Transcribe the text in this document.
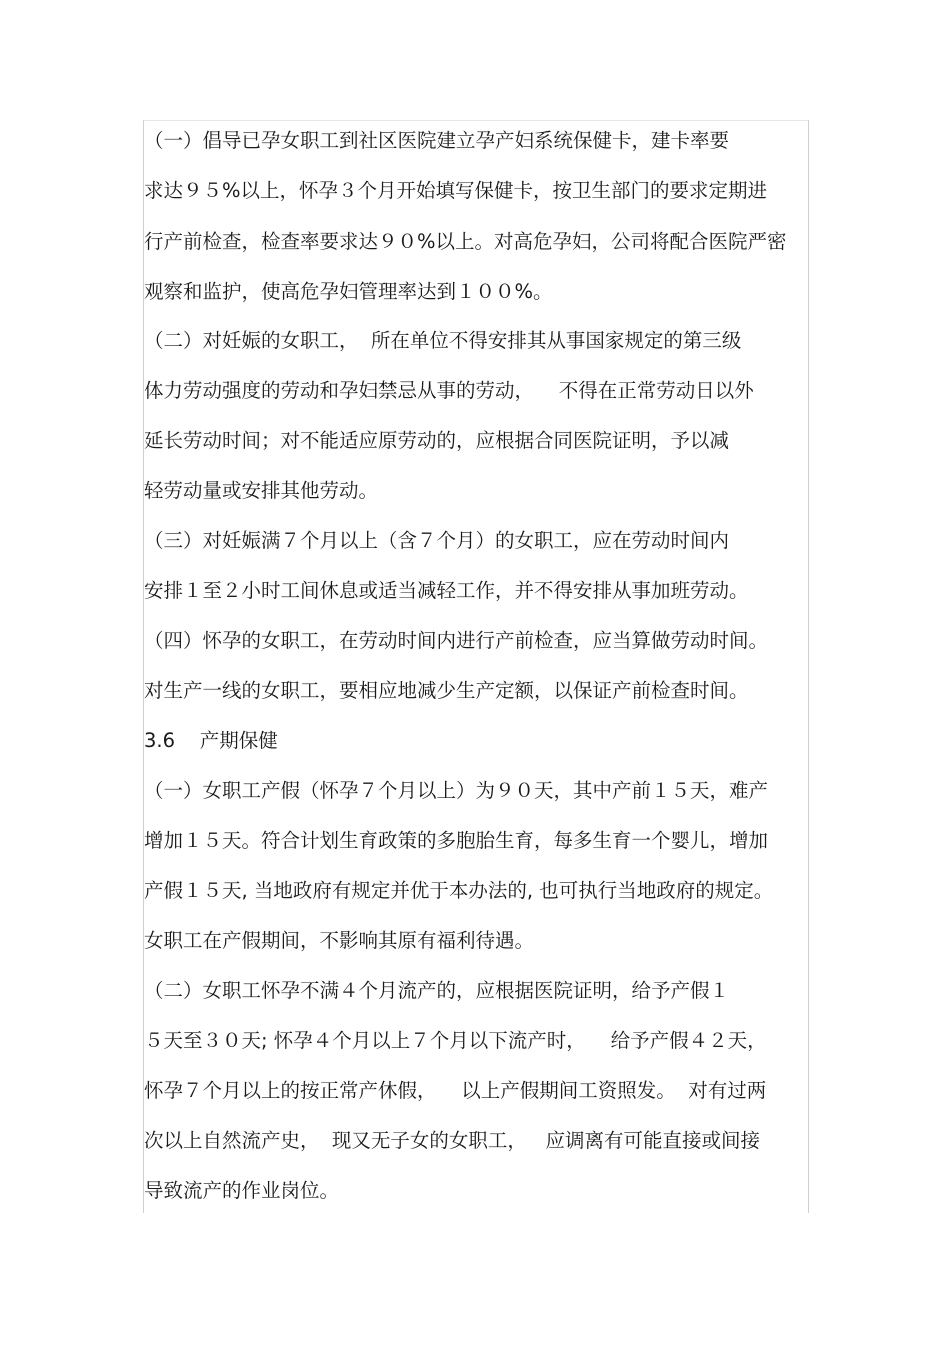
（一）倡导已孕女职工到社区医院建立孕产妇系统保健卡，建卡率要
求达９５%以上，怀孕３个月开始填写保健卡，按卫生部门的要求定期进
行产前检查，检查率要求达９０%以上。对高危孕妇，公司将配合医院严密
观察和监护，使高危孕妇管理率达到１００%。
（二）对妊娠的女职工，  所在单位不得安排其从事国家规定的第三级
体力劳动强度的劳动和孕妇禁忌从事的劳动，    不得在正常劳动日以外
延长劳动时间；对不能适应原劳动的，应根据合同医院证明，予以减
轻劳动量或安排其他劳动。
（三）对妊娠满７个月以上（含７个月）的女职工，应在劳动时间内
安排１至２小时工间休息或适当减轻工作，并不得安排从事加班劳动。
（四）怀孕的女职工，在劳动时间内进行产前检查，应当算做劳动时间。
对生产一线的女职工，要相应地减少生产定额，以保证产前检查时间。
3.6    产期保健
（一）女职工产假（怀孕７个月以上）为９０天，其中产前１５天，难产
增加１５天。符合计划生育政策的多胞胎生育，每多生育一个婴儿，增加
产假１５天, 当地政府有规定并优于本办法的, 也可执行当地政府的规定。
女职工在产假期间，不影响其原有福利待遇。
（二）女职工怀孕不满４个月流产的，应根据医院证明，给予产假１
５天至３０天; 怀孕４个月以上７个月以下流产时，    给予产假４２天，
怀孕７个月以上的按正常产休假，    以上产假期间工资照发。  对有过两
次以上自然流产史，  现又无子女的女职工，   应调离有可能直接或间接
导致流产的作业岗位。
